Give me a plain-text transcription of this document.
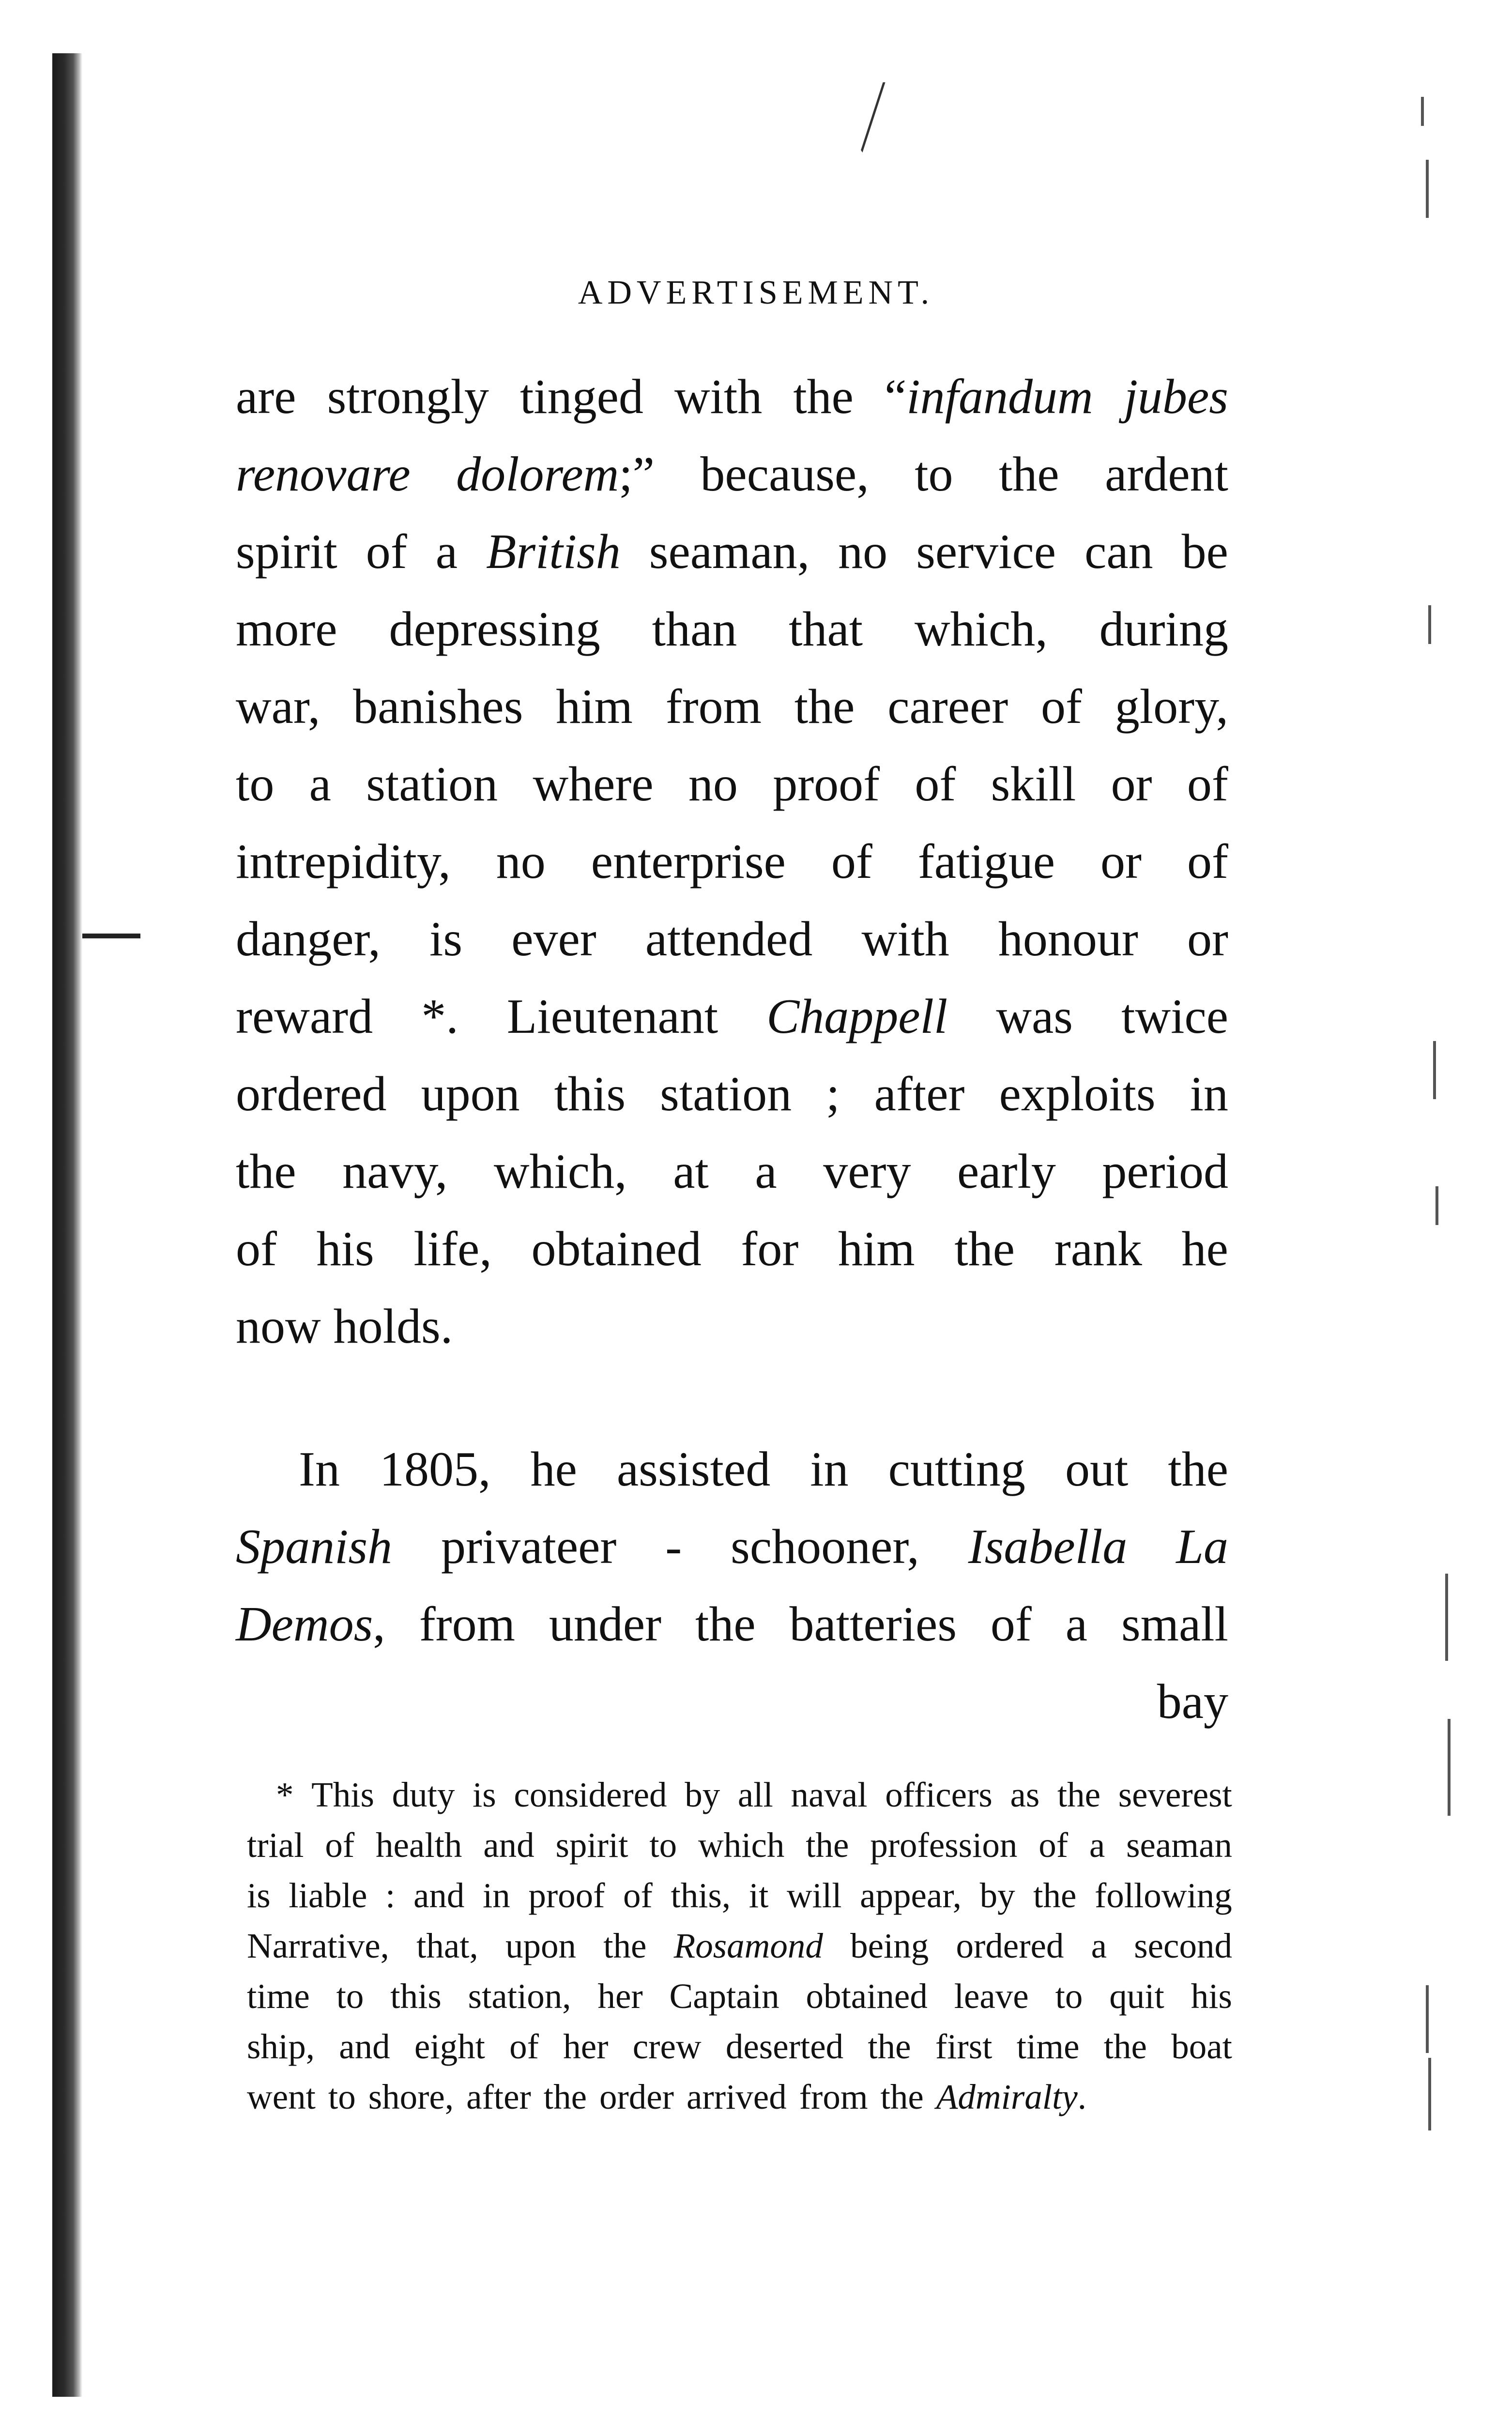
ADVERTISEMENT.
are strongly tinged with the “infandum jubes
renovare dolorem;” because, to the ardent
spirit of a British seaman, no service can be
more depressing than that which, during
war, banishes him from the career of glory,
to a station where no proof of skill or of
intrepidity, no enterprise of fatigue or of
danger, is ever attended with honour or
reward *. Lieutenant Chappell was twice
ordered upon this station ; after exploits in
the navy, which, at a very early period
of his life, obtained for him the rank he
now holds.
In 1805, he assisted in cutting out the
Spanish privateer - schooner, Isabella La
Demos, from under the batteries of a small
bay
* This duty is considered by all naval officers as the severest
trial of health and spirit to which the profession of a seaman
is liable : and in proof of this, it will appear, by the following
Narrative, that, upon the Rosamond being ordered a second
time to this station, her Captain obtained leave to quit his
ship, and eight of her crew deserted the first time the boat
went to shore, after the order arrived from the Admiralty.
